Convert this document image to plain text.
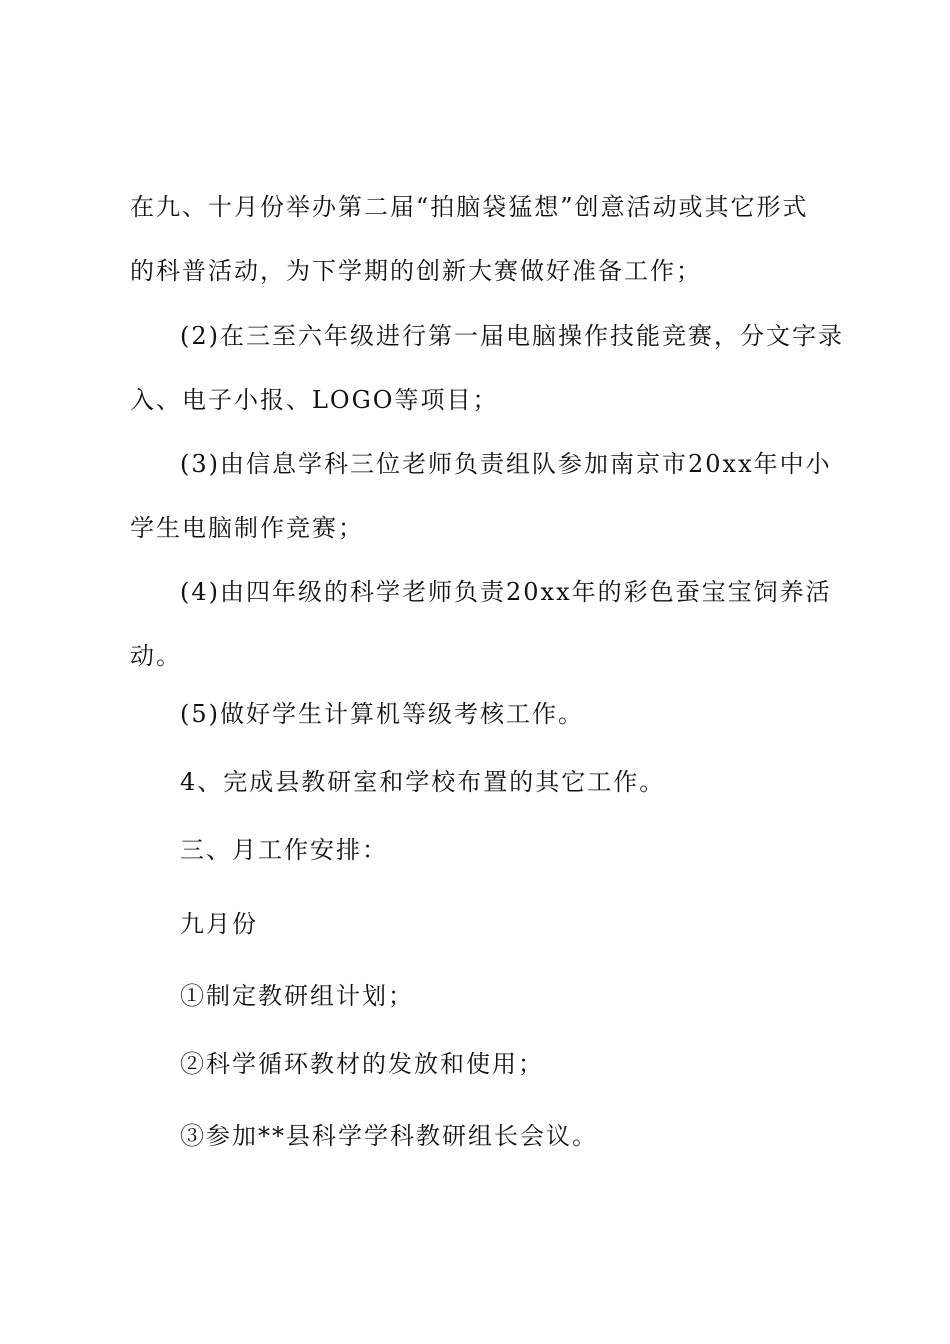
在九、十月份举办第二届“拍脑袋猛想”创意活动或其它形式
的科普活动，为下学期的创新大赛做好准备工作；
(2)在三至六年级进行第一届电脑操作技能竞赛，分文字录
入、电子小报、LOGO等项目；
(3)由信息学科三位老师负责组队参加南京市20xx年中小
学生电脑制作竞赛；
(4)由四年级的科学老师负责20xx年的彩色蚕宝宝饲养活
动。
(5)做好学生计算机等级考核工作。
4、完成县教研室和学校布置的其它工作。
三、月工作安排：
九月份
①制定教研组计划；
②科学循环教材的发放和使用；
③参加**县科学学科教研组长会议。
